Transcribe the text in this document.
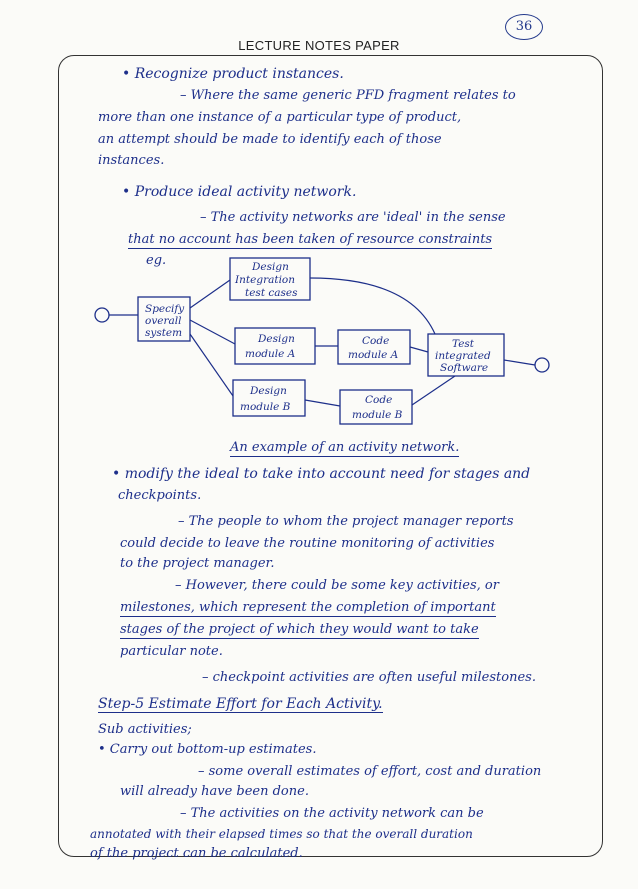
LECTURE NOTES PAPER
36
• Recognize product instances.
– Where the same generic PFD fragment relates to
more than one instance of a particular type of product,
an attempt should be made to identify each of those
instances.
• Produce ideal activity network.
– The activity networks are 'ideal' in the sense
that no account has been taken of resource constraints
eg.
Specify
overall
system
Design
Integration
test cases
Design
module A
Design
module B
Code
module A
Code
module B
Test
integrated
Software
An example of an activity network.
• modify the ideal to take into account need for stages and
checkpoints.
– The people to whom the project manager reports
could decide to leave the routine monitoring of activities
to the project manager.
– However, there could be some key activities, or
milestones, which represent the completion of important
stages of the project of which they would want to take
particular note.
– checkpoint activities are often useful milestones.
Step-5 Estimate Effort for Each Activity.
Sub activities;
• Carry out bottom-up estimates.
– some overall estimates of effort, cost and duration
will already have been done.
– The activities on the activity network can be
annotated with their elapsed times so that the overall duration
of the project can be calculated.
